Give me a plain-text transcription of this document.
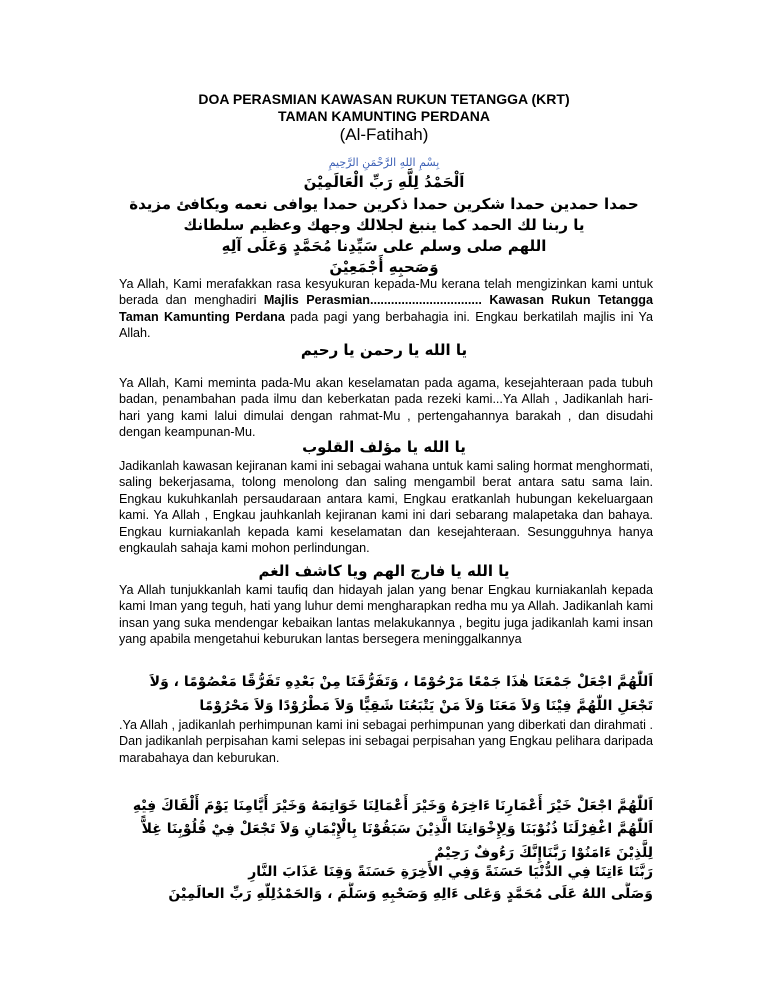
DOA PERASMIAN KAWASAN RUKUN TETANGGA (KRT)
TAMAN KAMUNTING PERDANA
(Al-Fatihah)
بِسْمِ اللهِ الرَّحْمَنِ الرَّحِيمِ
اَلْحَمْدُ لِلَّهِ رَبِّ الْعَالَمِيْنَ
حمدا حمدين حمدا شكرين حمدا ذكرين حمدا يوافى نعمه ويكافئ مزيدة
يا ربنا لك الحمد كما ينبغ لجلالك وجهك وعظيم سلطانك
اللهم صلى وسلم على سَيِّدِنا مُحَمَّدٍ وَعَلَى آلِهِ
وَصَحبِهِ أَجْمَعِيْنَ
Ya Allah, Kami merafakkan rasa kesyukuran kepada-Mu kerana telah mengizinkan kami untuk berada dan menghadiri Majlis Perasmian................................ Kawasan Rukun Tetangga Taman Kamunting Perdana pada pagi yang berbahagia ini. Engkau berkatilah majlis ini Ya Allah.
يا الله يا رحمن يا رحيم
Ya Allah, Kami meminta pada-Mu akan keselamatan pada agama, kesejahteraan pada tubuh badan, penambahan pada ilmu dan keberkatan pada rezeki kami...Ya Allah , Jadikanlah hari-hari yang kami lalui dimulai dengan rahmat-Mu , pertengahannya barakah , dan disudahi dengan keampunan-Mu.
يا الله يا مؤلف القلوب
Jadikanlah kawasan kejiranan kami ini sebagai wahana untuk kami saling hormat menghormati, saling bekerjasama, tolong menolong dan saling mengambil berat antara satu sama lain. Engkau kukuhkanlah persaudaraan antara kami, Engkau eratkanlah hubungan kekeluargaan kami. Ya Allah , Engkau jauhkanlah kejiranan kami ini dari sebarang malapetaka dan bahaya. Engkau kurniakanlah kepada kami keselamatan dan kesejahteraan. Sesungguhnya hanya engkaulah sahaja kami mohon perlindungan.
يا الله يا فارج الهم ويا كاشف الغم
Ya Allah tunjukkanlah kami taufiq dan hidayah jalan yang benar Engkau kurniakanlah kepada kami Iman yang teguh, hati yang luhur demi mengharapkan redha mu ya Allah. Jadikanlah kami insan yang suka mendengar kebaikan lantas melakukannya , begitu juga jadikanlah kami insan yang apabila mengetahui keburukan lantas bersegera meninggalkannya
اَللّٰهُمَّ اجْعَلْ جَمْعَنَا هٰذَا جَمْعًا مَرْحُوْمًا ، وَتَفَرُّقَنَا مِنْ بَعْدِهِ تَفَرُّقًا مَعْصُوْمًا ، وَلاَ تَجْعَلِ اللّٰهُمَّ فِيْنَا وَلاَ مَعَنَا وَلاَ مَنْ يَتْبَعُنَا شَقِيًّا وَلاَ مَطْرُوْدًا وَلاَ مَحْرُوْمًا
.Ya Allah , jadikanlah perhimpunan kami ini sebagai perhimpunan yang diberkati dan dirahmati . Dan jadikanlah perpisahan kami selepas ini sebagai perpisahan yang Engkau pelihara daripada marabahaya dan keburukan.
اَللّٰهُمَّ اجْعَلْ خَيْرَ أَعْمَارِنَا ءَاخِرَهُ وَخَيْرَ أَعْمَالِنَا خَوَاتِمَهُ وَخَيْرَ أَيَّامِنَا يَوْمَ أَلْقَاكَ فِيْهِ
اَللّٰهُمَّ اغْفِرْلَنَا ذُنُوْبَنَا وَلِإِخْوَانِنَا الَّذِيْنَ سَبَقُوْنَا بِالْإِيْمَانِ وَلاَ تَجْعَلْ فِيْ قُلُوْبِنَا غِلاًّ لِلَّذِيْنَ ءَامَنُوْا رَبَّنَاإِنَّكَ رَءُوفٌ رَحِيْمٌ
رَبَّنَا ءَاتِنَا فِي الدُّنْيَا حَسَنَةً وَفِي الأَخِرَةِ حَسَنَةً وَقِنَا عَذَابَ النَّارِ
وَصَلَّى اللهُ عَلَى مُحَمَّدٍ وَعَلى ءَالِهِ وَصَحْبِهِ وَسَلَّمَ ، وَالحَمْدُلِلّهِ رَبِّ العالَمِيْنَ
